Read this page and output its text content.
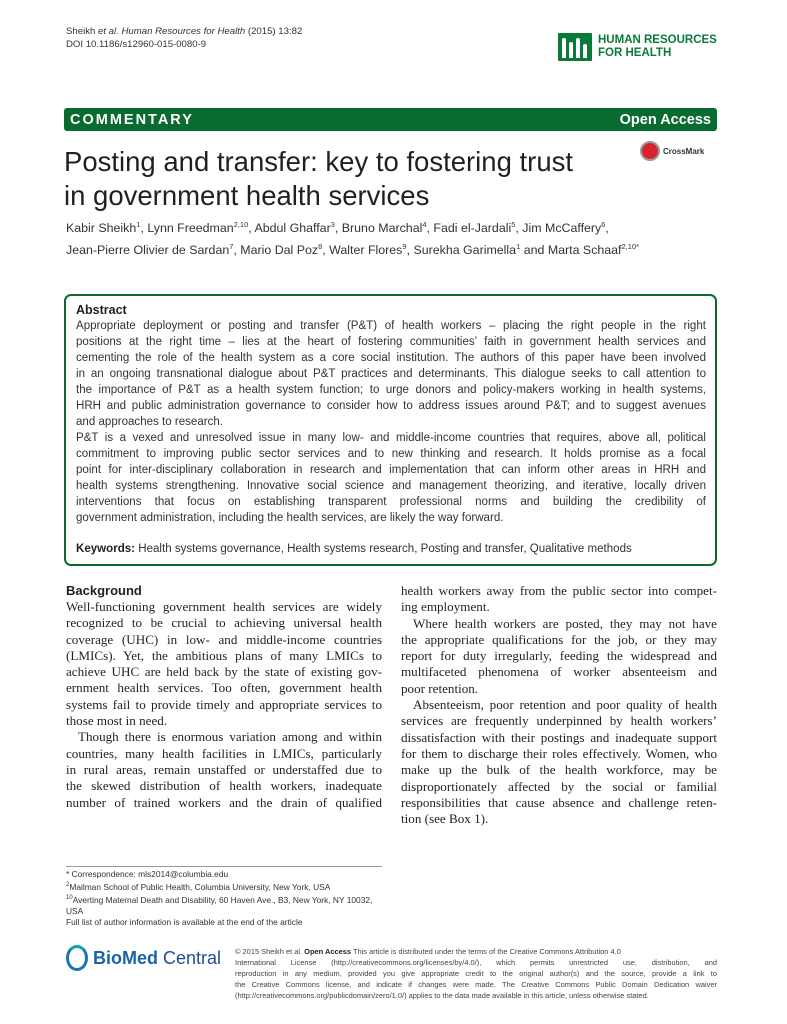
Sheikh et al. Human Resources for Health (2015) 13:82
DOI 10.1186/s12960-015-0080-9	HUMAN RESOURCES
FOR HEALTH
COMMENTARY	Open Access
Posting and transfer: key to fostering trust
in government health services
CrossMark
Kabir Sheikh$^1$, Lynn Freedman$^{2,10}$, Abdul Ghaffar$^3$, Bruno Marchal$^4$, Fadi el-Jardali$^5$, Jim McCaffery$^6$,
Jean-Pierre Olivier de Sardan$^7$, Mario Dal Poz$^8$, Walter Flores$^9$, Surekha Garimella$^1$ and Marta Schaaf$^{2,10*}$
Abstract
Appropriate deployment or posting and transfer (P&T) of health workers – placing the right people in the right
positions at the right time – lies at the heart of fostering communities’ faith in government health services and
cementing the role of the health system as a core social institution. The authors of this paper have been involved
in an ongoing transnational dialogue about P&T practices and determinants. This dialogue seeks to call attention to
the importance of P&T as a health system function; to urge donors and policy-makers working in health systems,
HRH and public administration governance to consider how to address issues around P&T; and to suggest avenues
and approaches to research.
P&T is a vexed and unresolved issue in many low- and middle-income countries that requires, above all, political
commitment to improving public sector services and to new thinking and research. It holds promise as a focal
point for inter-disciplinary collaboration in research and implementation that can inform other areas in HRH and
health systems strengthening. Innovative social science and management theorizing, and iterative, locally driven
interventions that focus on establishing transparent professional norms and building the credibility of
government administration, including the health services, are likely the way forward.
Keywords: Health systems governance, Health systems research, Posting and transfer, Qualitative methods
Background
Well-functioning government health services are widely
recognized to be crucial to achieving universal health
coverage (UHC) in low- and middle-income countries
(LMICs). Yet, the ambitious plans of many LMICs to
achieve UHC are held back by the state of existing gov-
ernment health services. Too often, government health
systems fail to provide timely and appropriate services to
those most in need.
Though there is enormous variation among and within
countries, many health facilities in LMICs, particularly
in rural areas, remain unstaffed or understaffed due to
the skewed distribution of health workers, inadequate
number of trained workers and the drain of qualified
health workers away from the public sector into compet-
ing employment.
Where health workers are posted, they may not have
the appropriate qualifications for the job, or they may
report for duty irregularly, feeding the widespread and
multifaceted phenomena of worker absenteeism and
poor retention.
Absenteeism, poor retention and poor quality of health
services are frequently underpinned by health workers’
dissatisfaction with their postings and inadequate support
for them to discharge their roles effectively. Women, who
make up the bulk of the health workforce, may be
disproportionately affected by the social or familial
responsibilities that cause absence and challenge reten-
tion (see Box 1).
* Correspondence: mls2014@columbia.edu
$^2$Mailman School of Public Health, Columbia University, New York, USA
$^{10}$Averting Maternal Death and Disability, 60 Haven Ave., B3, New York, NY 10032, USA
Full list of author information is available at the end of the article
BioMed Central © 2015 Sheikh et al. Open Access This article is distributed under the terms of the Creative Commons Attribution 4.0
International License (http://creativecommons.org/licenses/by/4.0/), which permits unrestricted use, distribution, and
reproduction in any medium, provided you give appropriate credit to the original author(s) and the source, provide a link to
the Creative Commons license, and indicate if changes were made. The Creative Commons Public Domain Dedication waiver
(http://creativecommons.org/publicdomain/zero/1.0/) applies to the data made available in this article, unless otherwise stated.
